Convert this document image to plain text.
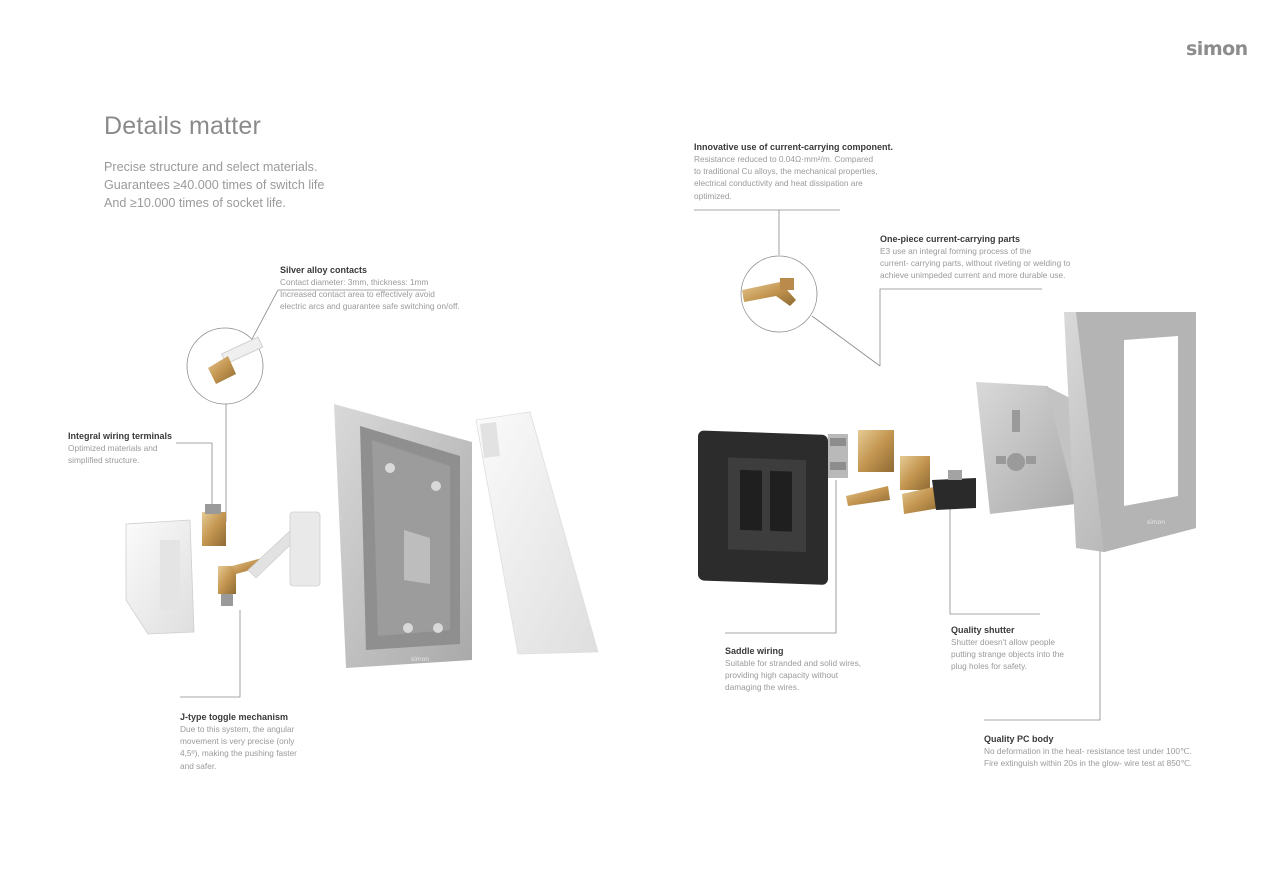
simon
Details matter
Precise structure and select materials.
Guarantees ≥40.000 times of switch life
And ≥10.000 times of socket life.
simon
simon
Silver alloy contacts
Contact diameter: 3mm, thickness: 1mm
Increased contact area to effectively avoid
electric arcs and guarantee safe switching on/off.
Integral wiring terminals
Optimized materials and
simplified structure.
J-type toggle mechanism
Due to this system, the angular
movement is very precise (only
4,5º), making the pushing faster
and safer.
Innovative use of current-carrying component.
Resistance reduced to 0.04Ω·mm²/m. Compared
to traditional Cu alloys, the mechanical properties,
electrical conductivity and heat dissipation are
optimized.
One-piece current-carrying parts
E3 use an integral forming process of the
current- carrying parts, without riveting or welding to
achieve unimpeded current and more durable use.
Saddle wiring
Suitable for stranded and solid wires,
providing high capacity without
damaging the wires.
Quality shutter
Shutter doesn't allow people
putting strange objects into the
plug holes for safety.
Quality PC body
No deformation in the heat- resistance test under 100℃.
Fire extinguish within 20s in the glow- wire test at 850℃.
